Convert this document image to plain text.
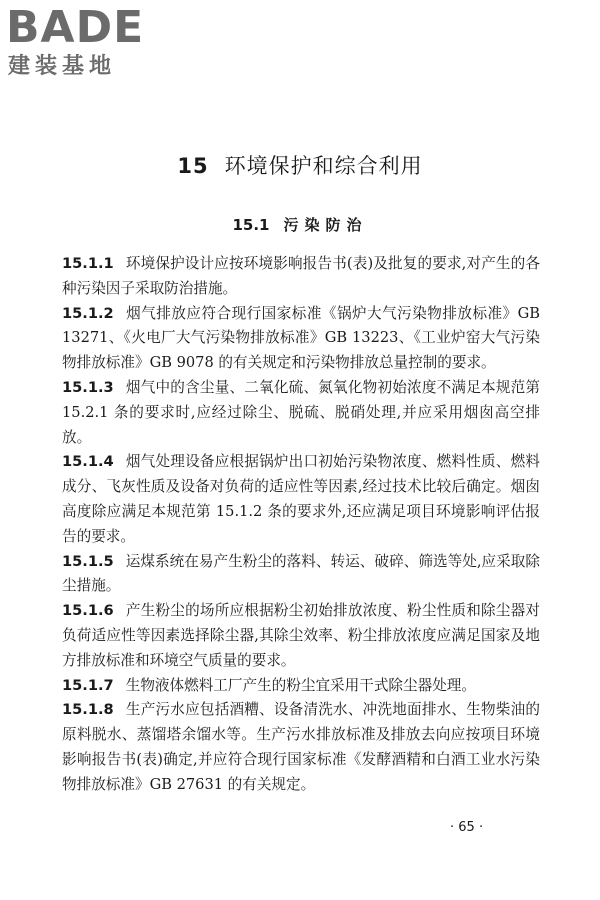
BADE
建装基地
15 环境保护和综合利用
15.1 污染防治

15.1.1 环境保护设计应按环境影响报告书(表)及批复的要求,对产生的各种污染因子采取防治措施。

15.1.2 烟气排放应符合现行国家标准《锅炉大气污染物排放标准》GB 13271、《火电厂大气污染物排放标准》GB 13223、《工业炉窑大气污染物排放标准》GB 9078 的有关规定和污染物排放总量控制的要求。

15.1.3 烟气中的含尘量、二氧化硫、氮氧化物初始浓度不满足本规范第 15.2.1 条的要求时,应经过除尘、脱硫、脱硝处理,并应采用烟囱高空排放。

15.1.4 烟气处理设备应根据锅炉出口初始污染物浓度、燃料性质、燃料成分、飞灰性质及设备对负荷的适应性等因素,经过技术比较后确定。烟囱高度除应满足本规范第 15.1.2 条的要求外,还应满足项目环境影响评估报告的要求。

15.1.5 运煤系统在易产生粉尘的落料、转运、破碎、筛选等处,应采取除尘措施。

15.1.6 产生粉尘的场所应根据粉尘初始排放浓度、粉尘性质和除尘器对负荷适应性等因素选择除尘器,其除尘效率、粉尘排放浓度应满足国家及地方排放标准和环境空气质量的要求。

15.1.7 生物液体燃料工厂产生的粉尘宜采用干式除尘器处理。

15.1.8 生产污水应包括酒糟、设备清洗水、冲洗地面排水、生物柴油的原料脱水、蒸馏塔余馏水等。生产污水排放标准及排放去向应按项目环境影响报告书(表)确定,并应符合现行国家标准《发酵酒精和白酒工业水污染物排放标准》GB 27631 的有关规定。

· 65 ·
